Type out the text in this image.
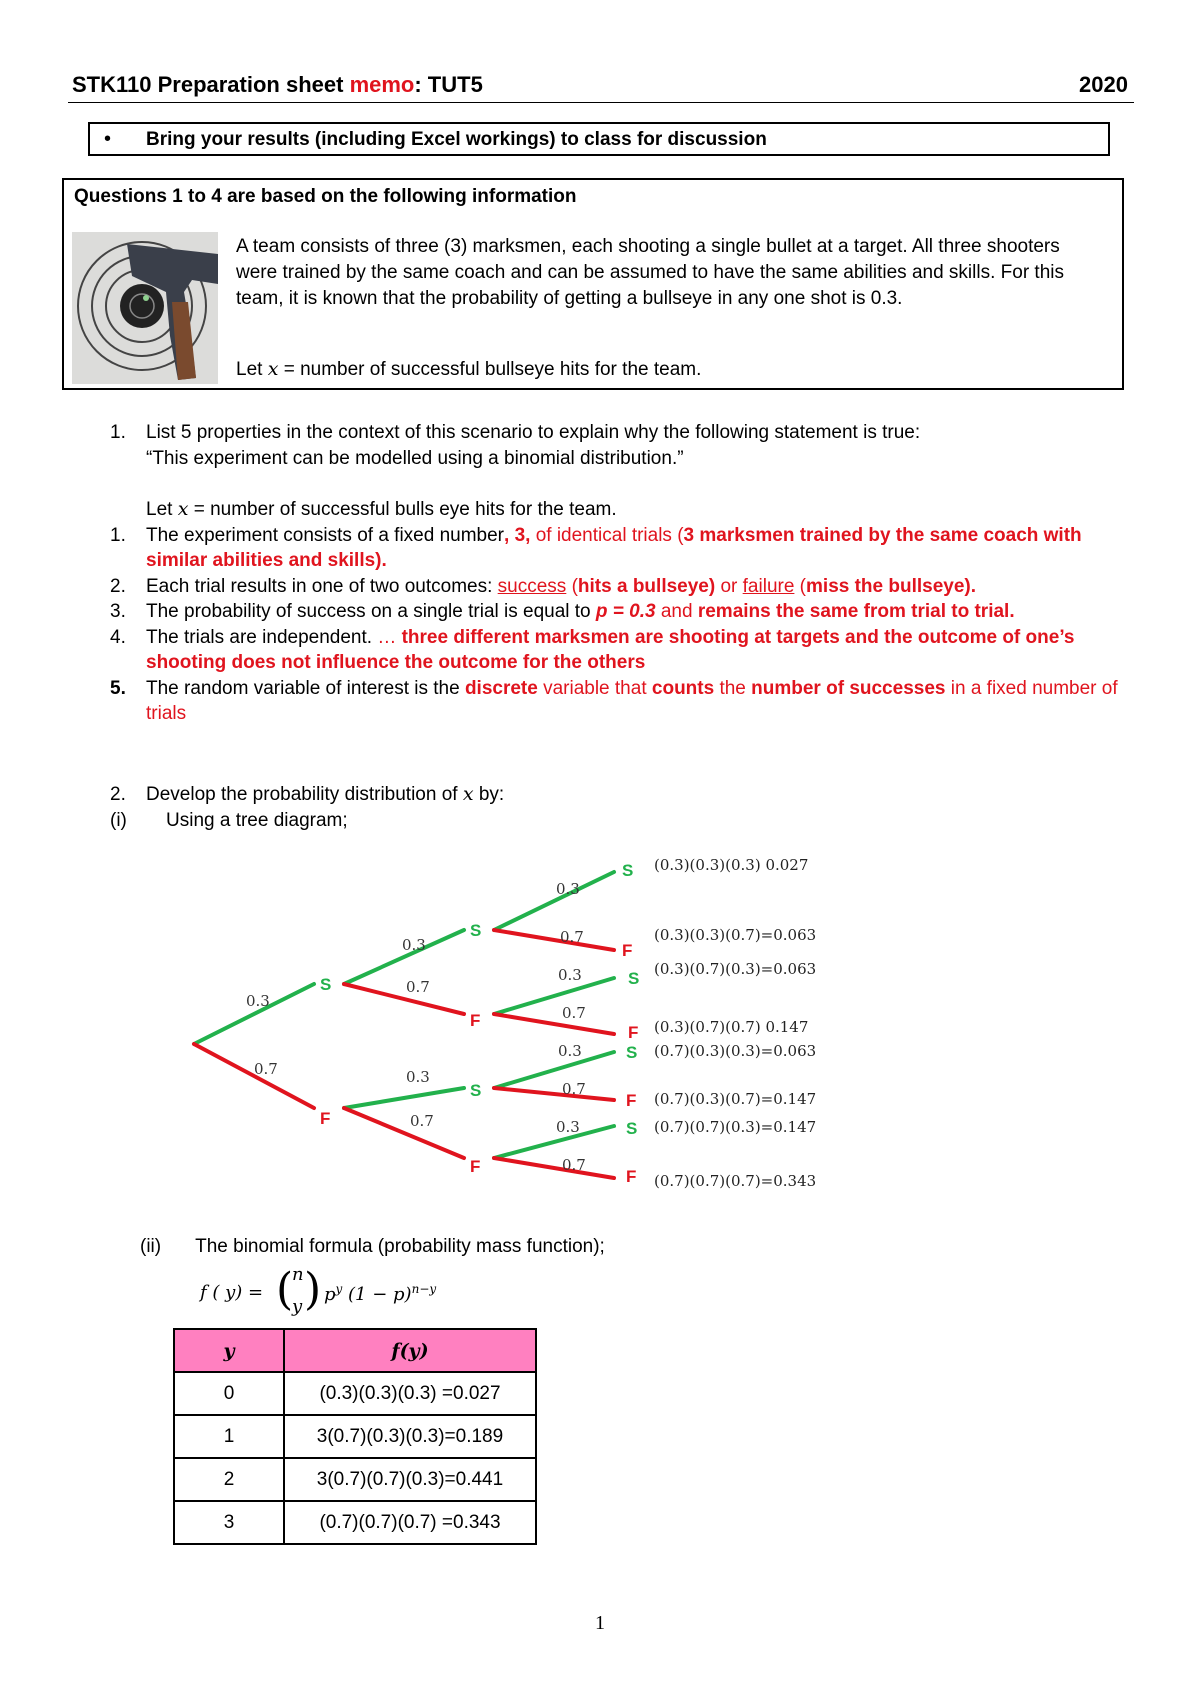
STK110 Preparation sheet memo: TUT5	2020
• Bring your results (including Excel workings) to class for discussion
Questions 1 to 4 are based on the following information
A team consists of three (3) marksmen, each shooting a single bullet at a target. All three shooters were trained by the same coach and can be assumed to have the same abilities and skills. For this team, it is known that the probability of getting a bullseye in any one shot is 0.3.
Let x = number of successful bullseye hits for the team.
1. List 5 properties in the context of this scenario to explain why the following statement is true:
“This experiment can be modelled using a binomial distribution.”
Let x = number of successful bulls eye hits for the team.
1. The experiment consists of a fixed number, 3, of identical trials (3 marksmen trained by the same coach with similar abilities and skills).
2. Each trial results in one of two outcomes: success (hits a bullseye) or failure (miss the bullseye).
3. The probability of success on a single trial is equal to p = 0.3 and remains the same from trial to trial.
4. The trials are independent. … three different marksmen are shooting at targets and the outcome of one’s shooting does not influence the outcome for the others
5. The random variable of interest is the discrete variable that counts the number of successes in a fixed number of trials
2. Develop the probability distribution of x by:
(i) Using a tree diagram;
0.3
0.7
0.3
0.7
0.3
0.7
0.3
0.7
0.3
0.7
0.3
0.7
0.3
0.7
S
F
S
F
S
F
S
F
S
F
S
F
S
F
(0.3)(0.3)(0.3) 0.027
(0.3)(0.3)(0.7)=0.063
(0.3)(0.7)(0.3)=0.063
(0.3)(0.7)(0.7) 0.147
(0.7)(0.3)(0.3)=0.063
(0.7)(0.3)(0.7)=0.147
(0.7)(0.7)(0.3)=0.147
(0.7)(0.7)(0.7)=0.343
(ii) The binomial formula (probability mass function);
f ( y) = (
n
y ) $p^y$ $(1 - p)^{n-y}$
y	f(y)
0	(0.3)(0.3)(0.3) =0.027
1	3(0.7)(0.3)(0.3)=0.189
2	3(0.7)(0.7)(0.3)=0.441
3	(0.7)(0.7)(0.7) =0.343
1
